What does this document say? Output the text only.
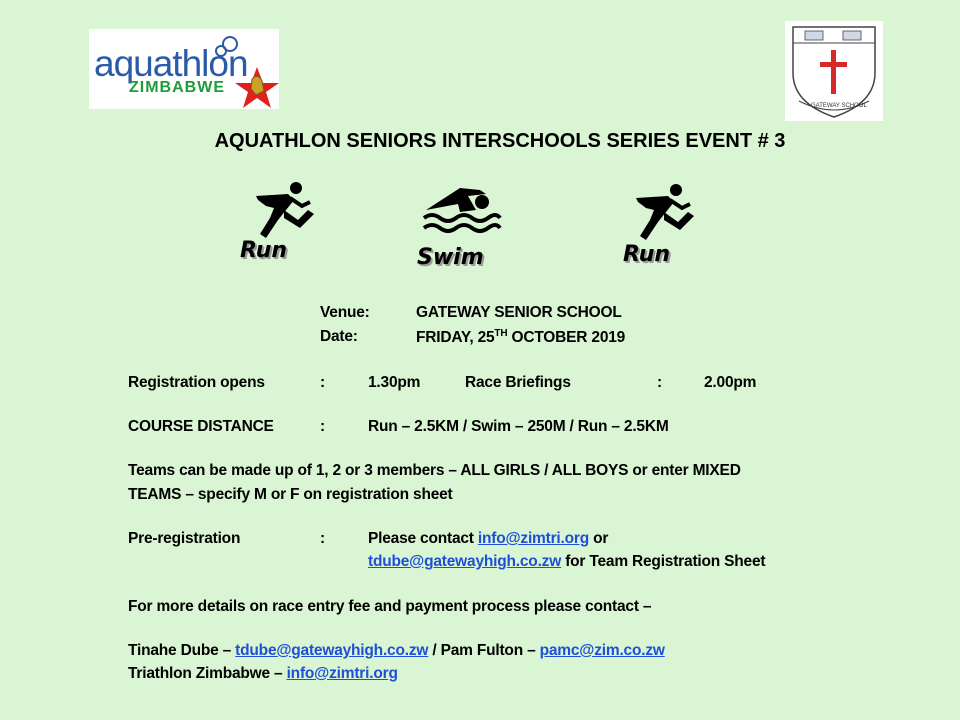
aquathlon
ZIMBABWE
GATEWAY SCHOOL
AQUATHLON SENIORS INTERSCHOOLS SERIES EVENT # 3
Run	Swim	Run
Venue:	GATEWAY SENIOR SCHOOL
Date:	FRIDAY, 25TH OCTOBER 2019
Registration opens	:	1.30pm	Race Briefings	:	2.00pm
COURSE DISTANCE	:	Run – 2.5KM / Swim – 250M / Run – 2.5KM
Teams can be made up of 1, 2 or 3 members – ALL GIRLS / ALL BOYS or enter MIXED
TEAMS – specify M or F on registration sheet
Pre-registration	:	Please contact info@zimtri.org or
tdube@gatewayhigh.co.zw for Team Registration Sheet
For more details on race entry fee and payment process please contact –
Tinahe Dube – tdube@gatewayhigh.co.zw / Pam Fulton – pamc@zim.co.zw
Triathlon Zimbabwe – info@zimtri.org
